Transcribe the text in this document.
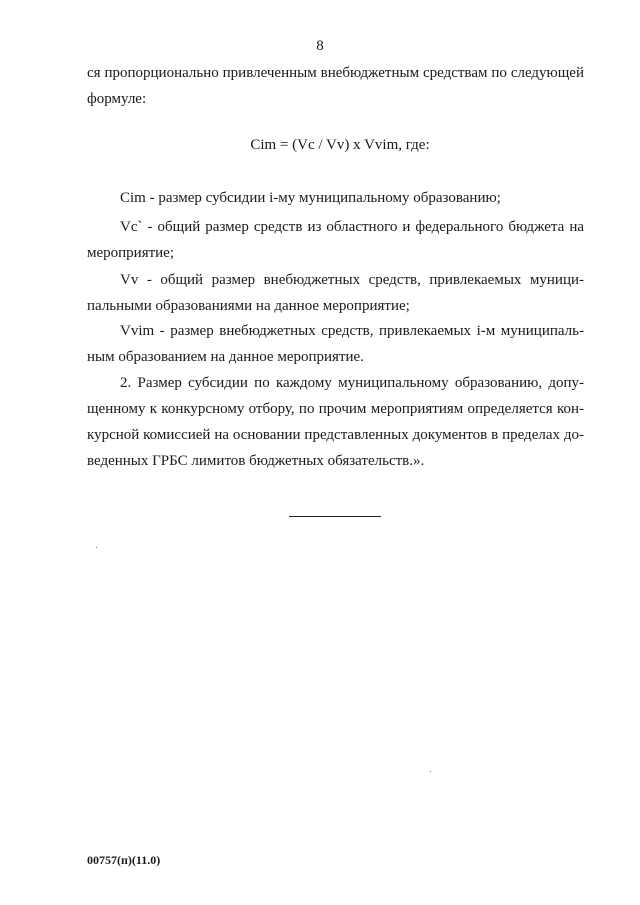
8
ся пропорционально привлеченным внебюджетным средствам по следующей
формуле:
Cim = (Vc / Vv) x Vvim, где:
Cim - размер субсидии i-му муниципальному образованию;
Vc` - общий размер средств из областного и федерального бюджета на
мероприятие;
Vv - общий размер внебюджетных средств, привлекаемых муници-
пальными образованиями на данное мероприятие;
Vvim - размер внебюджетных средств, привлекаемых i-м муниципаль-
ным образованием на данное мероприятие.
2. Размер субсидии по каждому муниципальному образованию, допу-
щенному к конкурсному отбору, по прочим мероприятиям определяется кон-
курсной комиссией на основании представленных документов в пределах до-
веденных ГРБС лимитов бюджетных обязательств.».
00757(п)(11.0)
